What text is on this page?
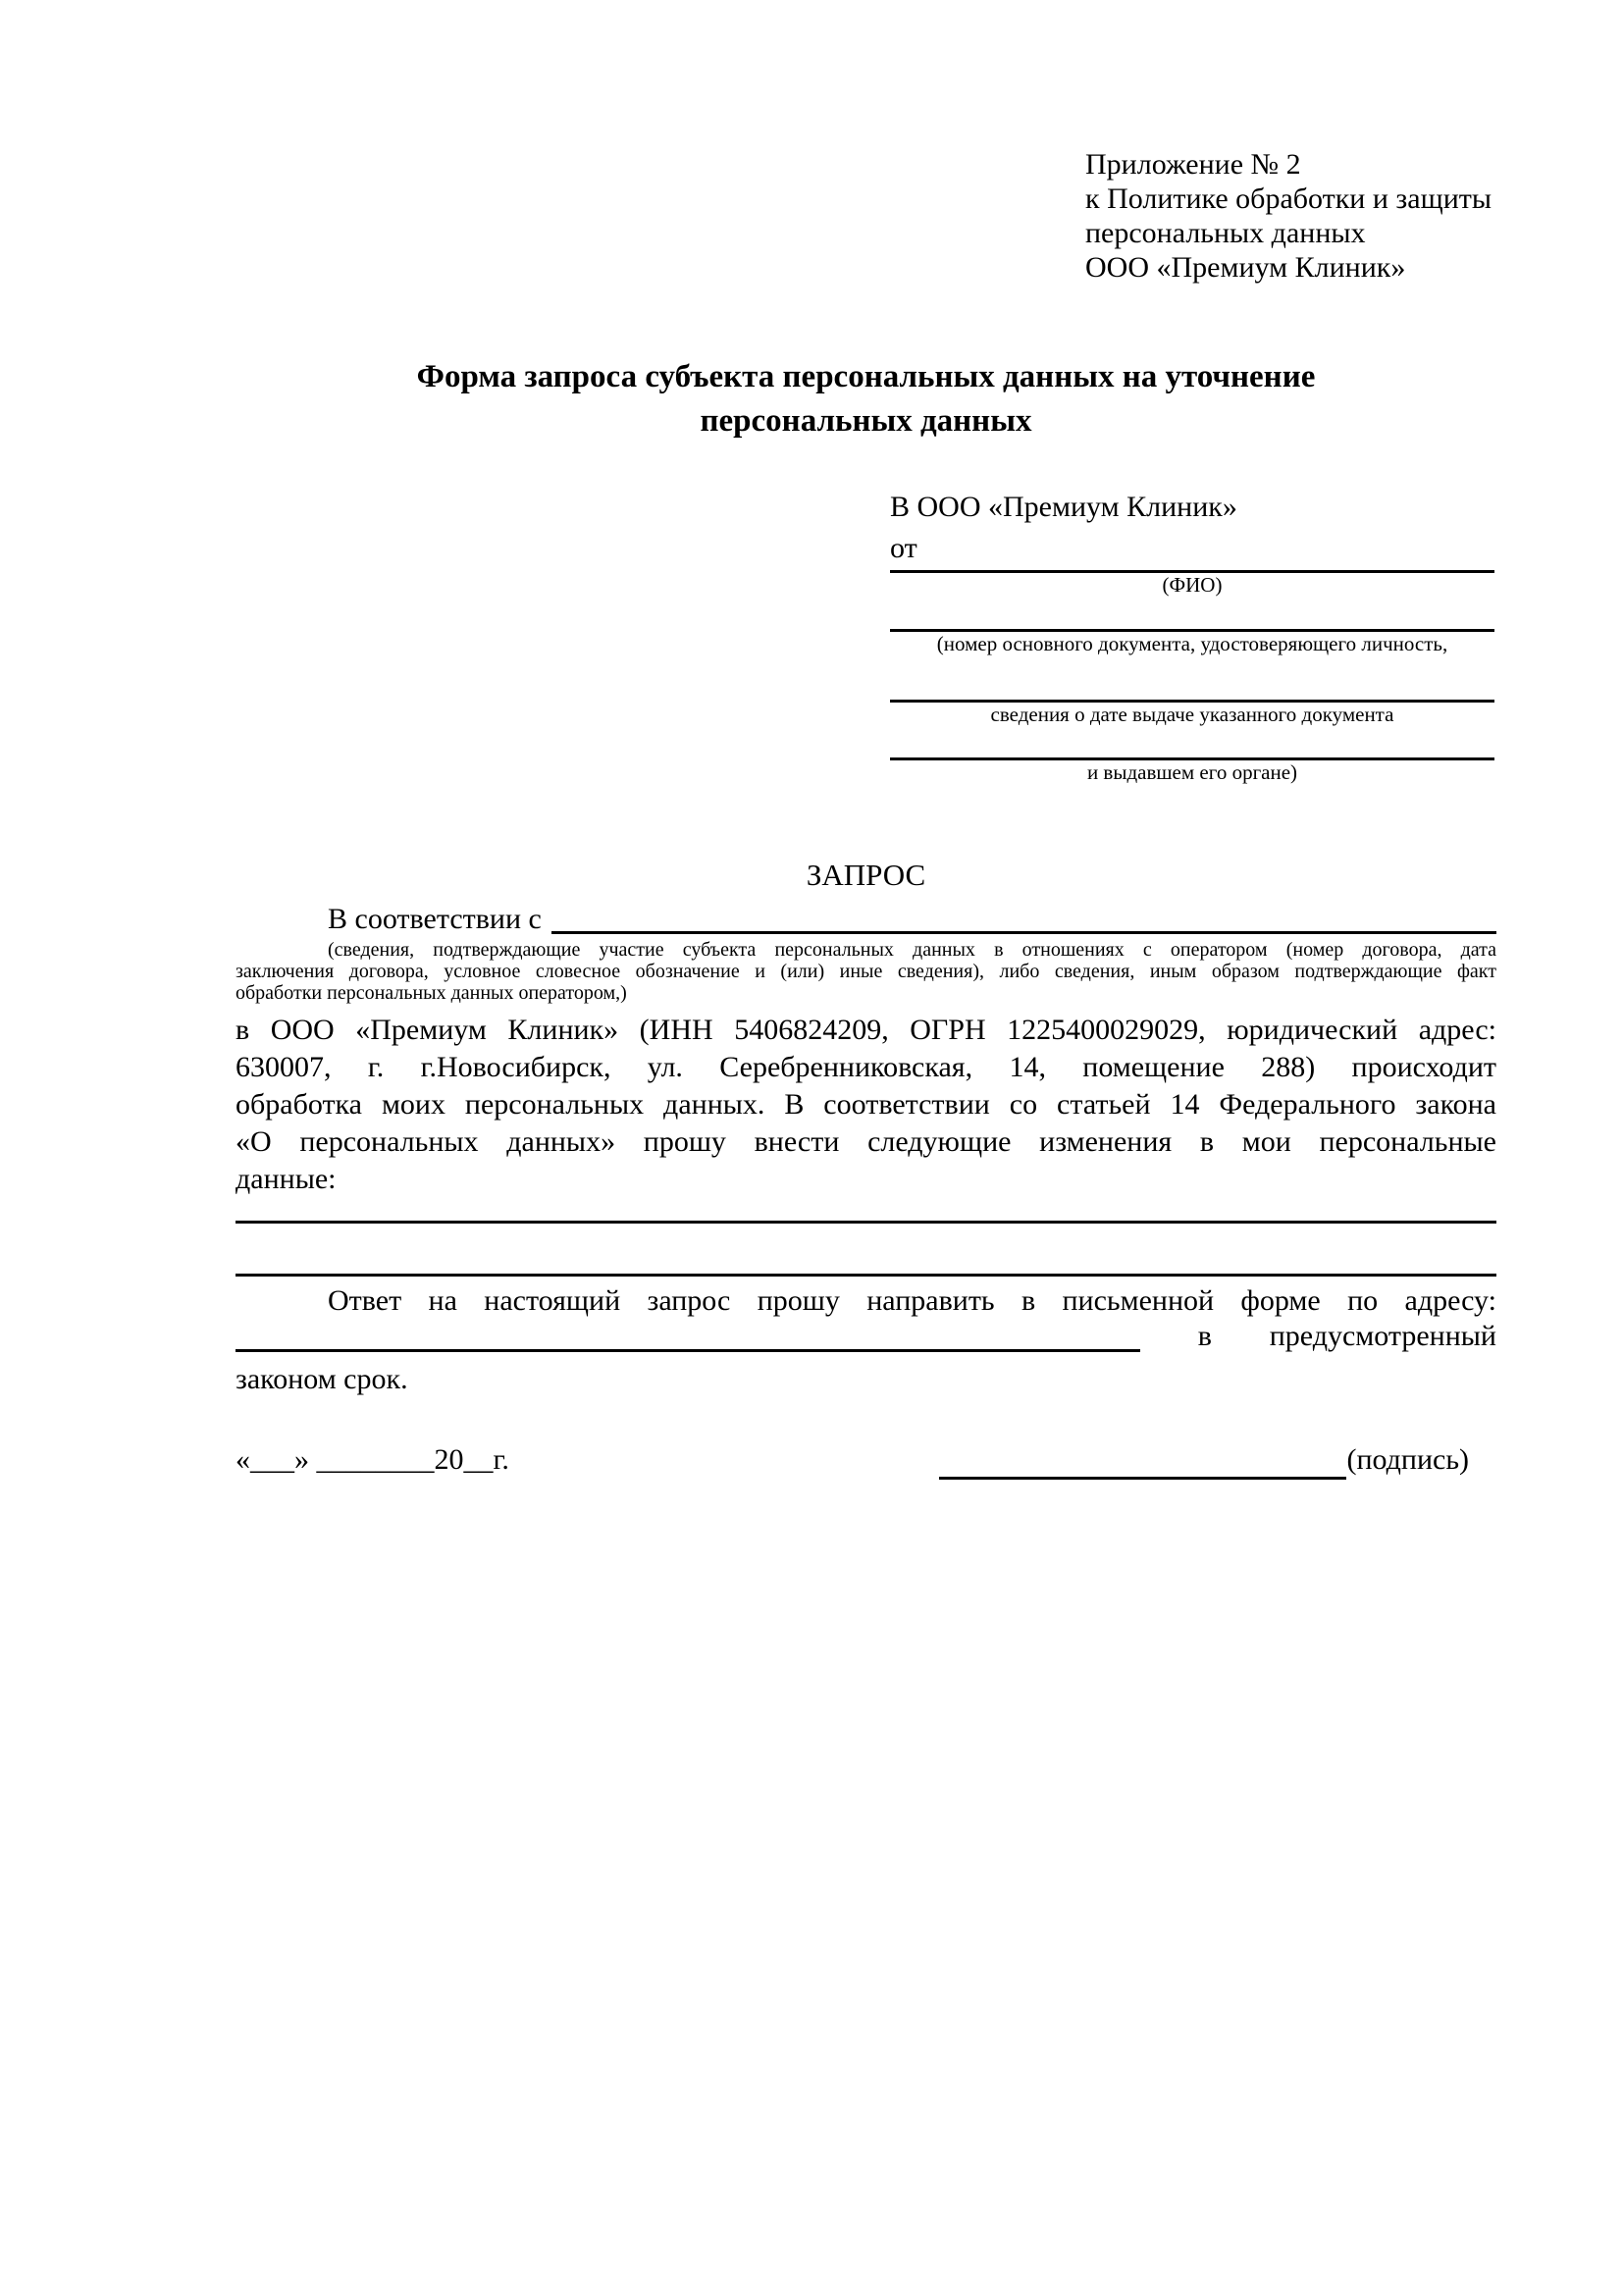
Приложение № 2
к Политике обработки и защиты
персональных данных
ООО «Премиум Клиник»
Форма запроса субъекта персональных данных на уточнение
персональных данных
В ООО «Премиум Клиник»
от
(ФИО)
(номер основного документа, удостоверяющего личность,
сведения о дате выдаче указанного документа
и выдавшем его органе)
ЗАПРОС
В соответствии с
(сведения, подтверждающие участие субъекта персональных данных в отношениях с оператором (номер договора, дата
заключения договора, условное словесное обозначение и (или) иные сведения), либо сведения, иным образом подтверждающие факт
обработки персональных данных оператором,)
в ООО «Премиум Клиник» (ИНН 5406824209, ОГРН 1225400029029, юридический адрес:
630007, г. г.Новосибирск, ул. Серебренниковская, 14, помещение 288) происходит
обработка моих персональных данных. В соответствии со статьей 14 Федерального закона
«О персональных данных» прошу внести следующие изменения в мои персональные
данные:
Ответ на настоящий запрос прошу направить в письменной форме по адресу:
в предусмотренный
законом срок.
«___» ________20__г.	(подпись)
